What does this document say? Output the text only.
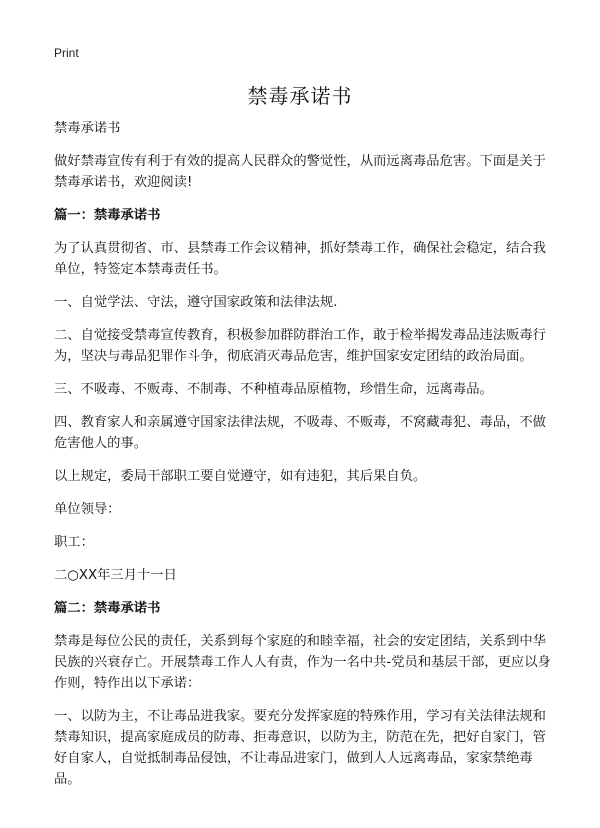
Print
禁毒承诺书

禁毒承诺书

做好禁毒宣传有利于有效的提高人民群众的警觉性，从而远离毒品危害。下面是关于禁毒承诺书，欢迎阅读!

篇一：禁毒承诺书

为了认真贯彻省、市、县禁毒工作会议精神，抓好禁毒工作，确保社会稳定，结合我单位，特签定本禁毒责任书。

一、自觉学法、守法，遵守国家政策和法律法规.

二、自觉接受禁毒宣传教育，积极参加群防群治工作，敢于检举揭发毒品违法贩毒行为，坚决与毒品犯罪作斗争，彻底消灭毒品危害，维护国家安定团结的政治局面。

三、不吸毒、不贩毒、不制毒、不种植毒品原植物，珍惜生命，远离毒品。

四、教育家人和亲属遵守国家法律法规，不吸毒、不贩毒，不窝藏毒犯、毒品，不做危害他人的事。

以上规定，委局干部职工要自觉遵守，如有违犯，其后果自负。

单位领导：

职工：

二○XX年三月十一日

篇二：禁毒承诺书

禁毒是每位公民的责任，关系到每个家庭的和睦幸福，社会的安定团结，关系到中华民族的兴衰存亡。开展禁毒工作人人有责，作为一名中共-党员和基层干部，更应以身作则，特作出以下承诺：

一、以防为主，不让毒品进我家。要充分发挥家庭的特殊作用，学习有关法律法规和禁毒知识，提高家庭成员的防毒、拒毒意识，以防为主，防范在先，把好自家门，管好自家人，自觉抵制毒品侵蚀，不让毒品进家门，做到人人远离毒品，家家禁绝毒品。
